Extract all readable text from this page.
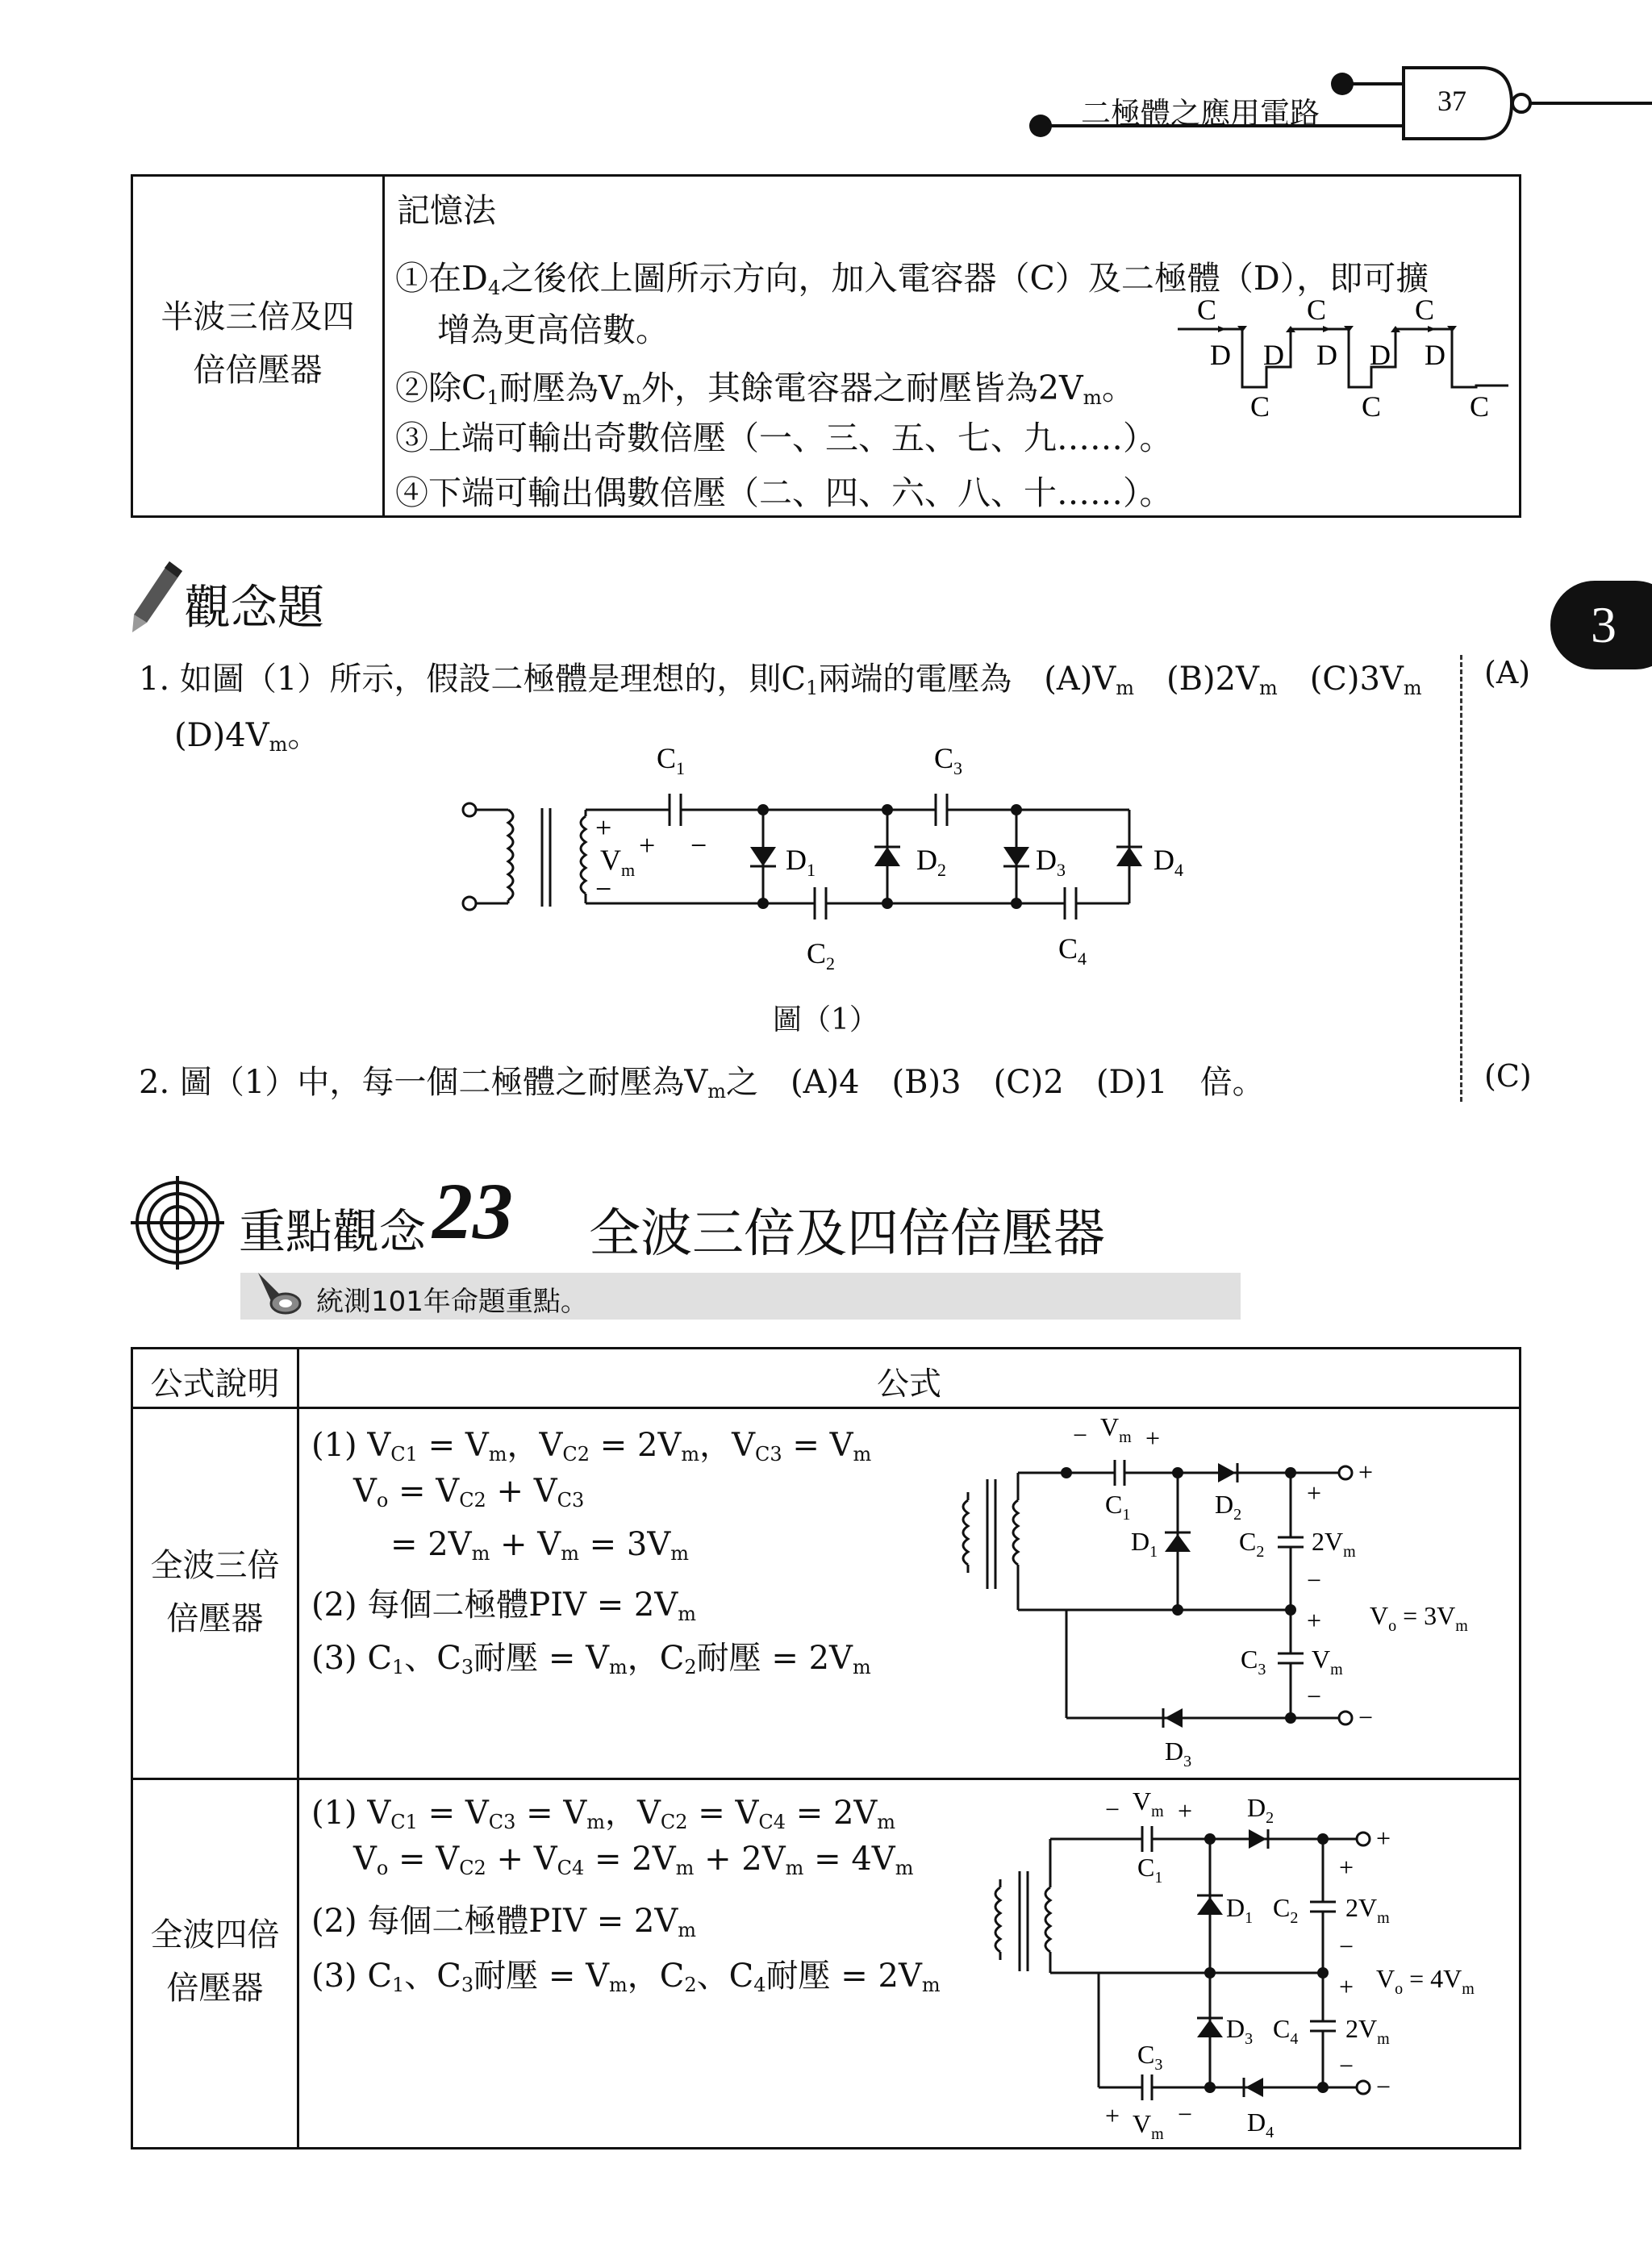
二極體之應用電路	37
3
半波三倍及四
倍倍壓器
記憶法
①在$D_4$之後依上圖所示方向，加入電容器（C）及二極體（D），即可擴
增為更高倍數。
②除$C_1$耐壓為$V_m$外，其餘電容器之耐壓皆為$2V_m$。
③上端可輸出奇數倍壓（一、三、五、七、九……）。
④下端可輸出偶數倍壓（二、四、六、八、十……）。
C	C	C
D D D D D
C	C	C
觀念題
1. 如圖（1）所示，假設二極體是理想的，則$C_1$兩端的電壓為　 $(A)V_m$　 $(B)2V_m$　 $(C)3V_m$
$(D)4V_m$。
(A)
$C_1$	$C_3$
$C_2$	$C_4$
$D_1$	$D_2$	$D_3$	$D_4$
$V_m$
+
−
+ −
圖（1）
2. 圖（1）中，每一個二極體之耐壓為$V_m$之　 (A)4　(B)3　(C)2　(D)1　倍。	(C)
重點觀念 23 全波三倍及四倍倍壓器
統測101年命題重點。
公式說明	公式
全波三倍
倍壓器
(1) $V_{C1} = V_m$，$V_{C2} = 2V_m$，$V_{C3} = V_m$
$V_o = V_{C2} + V_{C3}$
= $2V_m + V_m = 3V_m$
(2) 每個二極體PIV = $2V_m$
(3) $C_1$、$C_3$耐壓 = $V_m$，$C_2$耐壓 = $2V_m$
− $V_m$ +
$C_1$	$D_2$
$D_1$	$C_2$ $2V_m$
+
−
+ $V_o = 3V_m$
$C_3$ $V_m$
−
$D_3$
+
−
全波四倍
倍壓器
(1) $V_{C1} = V_{C3} = V_m$，$V_{C2} = V_{C4} = 2V_m$
$V_o = V_{C2} + V_{C4} = 2V_m + 2V_m = 4V_m$
(2) 每個二極體PIV = $2V_m$
(3) $C_1$、$C_3$耐壓 = $V_m$，$C_2$、$C_4$耐壓 = $2V_m$
− $V_m + D_2$
$C_1$
$D_1$ $C_2$ $2V_m$
+
−
+ $V_o = 4V_m$
$D_3$ $C_4$ $2V_m$
−
$C_3$
+ $V_m$
− $D_4$
+
−
